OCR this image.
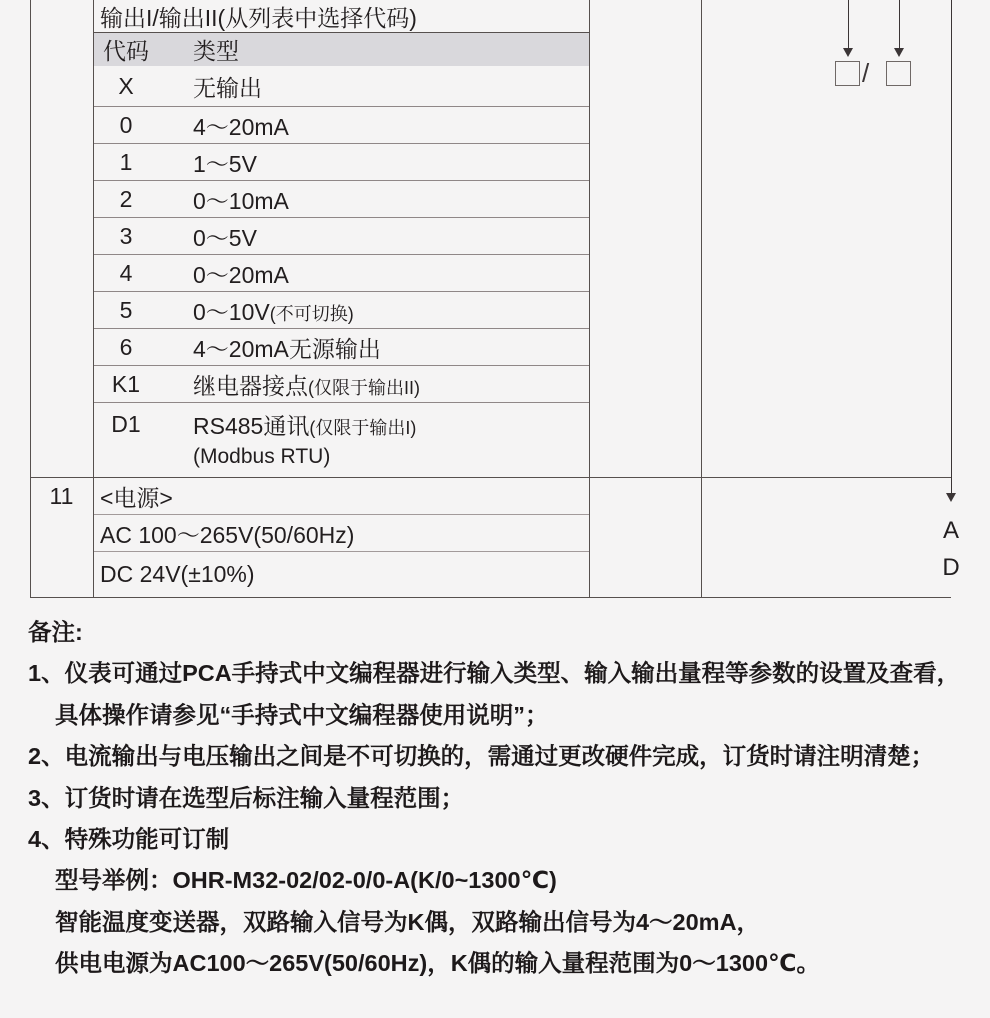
输出I/输出II(从列表中选择代码)
代码	类型
X	无输出
0	4～20mA
1	1～5V
2	0～10mA
3	0～5V
4	0～20mA
5	0～10V(不可切换)
6	4～20mA无源输出
K1	继电器接点(仅限于输出II)
D1	RS485通讯(仅限于输出I)
(Modbus RTU)
11	<电源>
AC 100～265V(50/60Hz)
DC 24V(±10%)
/
A
D
备注:
1、仪表可通过PCA手持式中文编程器进行输入类型、输入输出量程等参数的设置及查看，
具体操作请参见“手持式中文编程器使用说明”；
2、电流输出与电压输出之间是不可切换的，需通过更改硬件完成，订货时请注明清楚；
3、订货时请在选型后标注输入量程范围；
4、特殊功能可订制
型号举例：OHR-M32-02/02-0/0-A(K/0~1300℃)
智能温度变送器，双路输入信号为K偶，双路输出信号为4～20mA，
供电电源为AC100～265V(50/60Hz)，K偶的输入量程范围为0～1300℃。
